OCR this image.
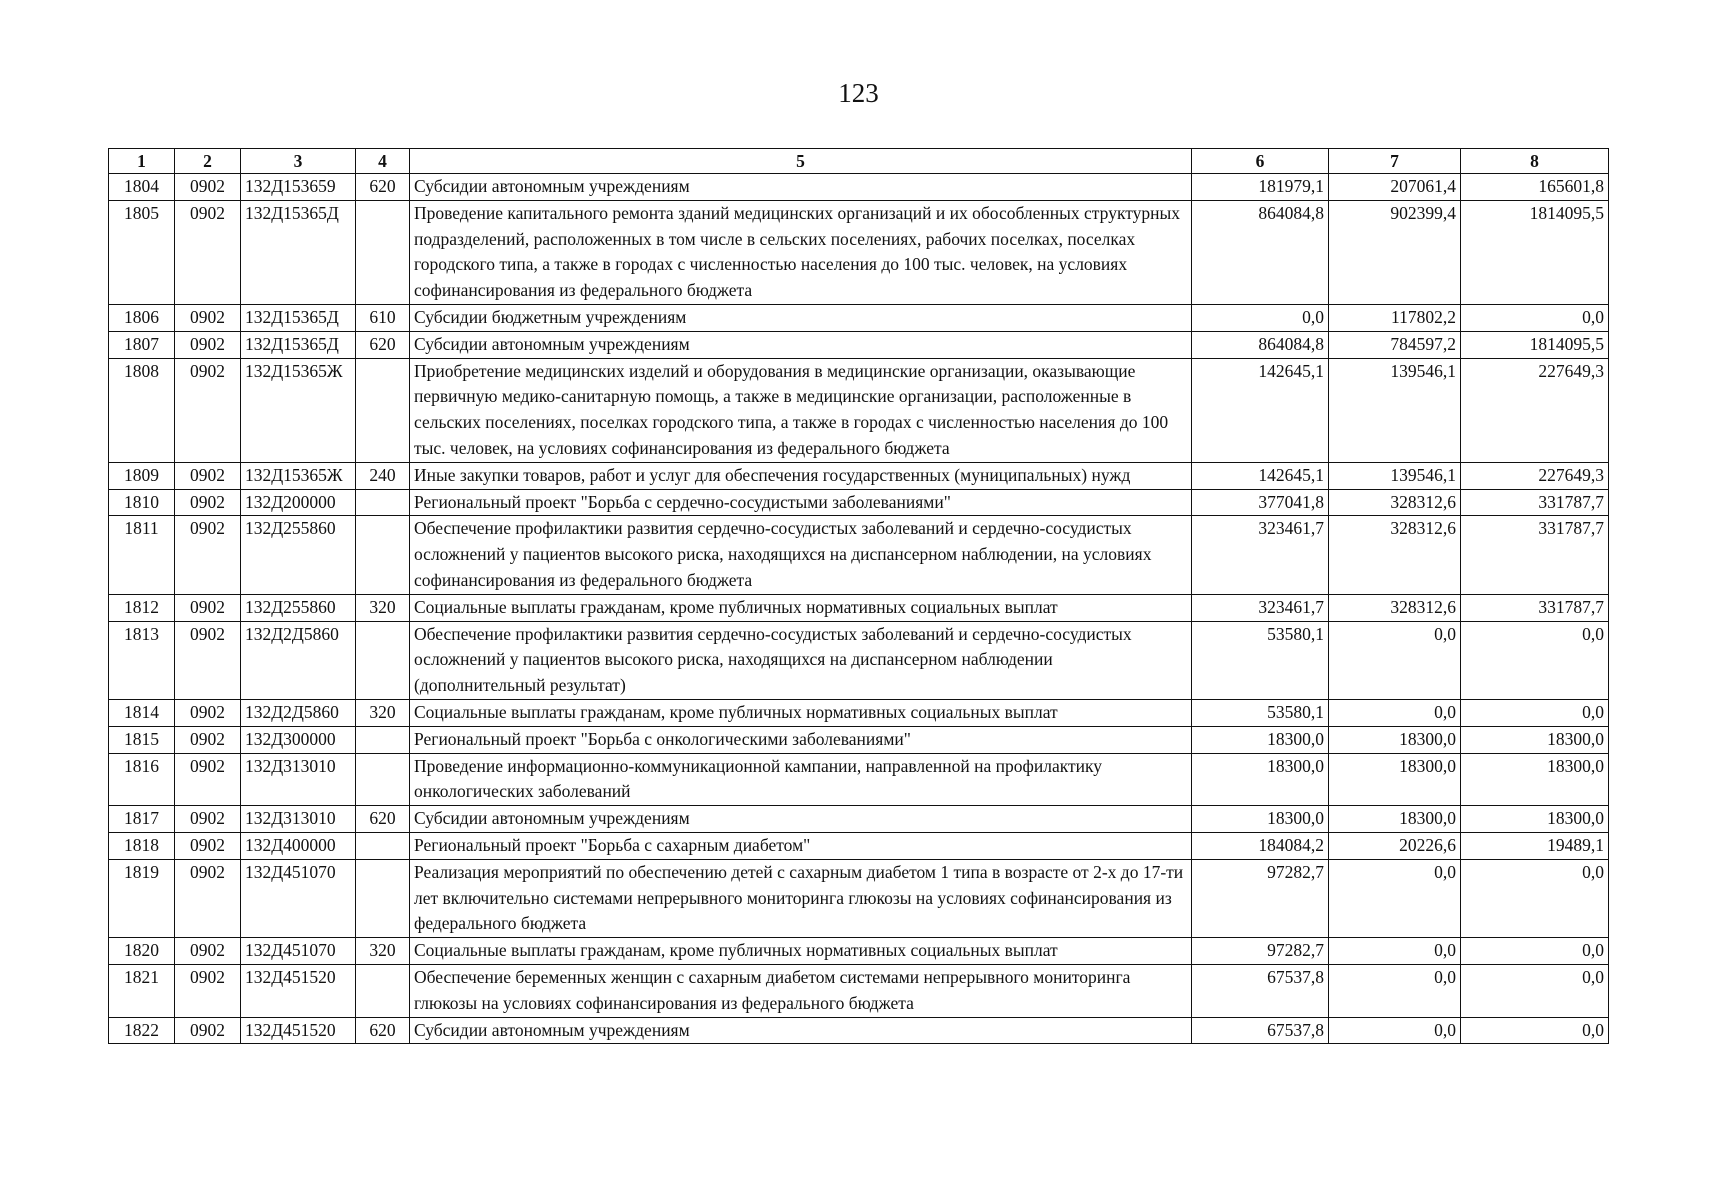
123
1	2	3	4	5	6	7	8
1804	0902	132Д153659	620	Субсидии автономным учреждениям	181979,1	207061,4	165601,8
1805	0902	132Д15365Д		Проведение капитального ремонта зданий медицинских организаций и их обособленных структурных подразделений, расположенных в том числе в сельских поселениях, рабочих поселках, поселках городского типа, а также в городах с численностью населения до 100 тыс. человек, на условиях софинансирования из федерального бюджета	864084,8	902399,4	1814095,5
1806	0902	132Д15365Д	610	Субсидии бюджетным учреждениям	0,0	117802,2	0,0
1807	0902	132Д15365Д	620	Субсидии автономным учреждениям	864084,8	784597,2	1814095,5
1808	0902	132Д15365Ж		Приобретение медицинских изделий и оборудования в медицинские организации, оказывающие первичную медико-санитарную помощь, а также в медицинские организации, расположенные в сельских поселениях, поселках городского типа, а также в городах с численностью населения до 100 тыс. человек, на условиях софинансирования из федерального бюджета	142645,1	139546,1	227649,3
1809	0902	132Д15365Ж	240	Иные закупки товаров, работ и услуг для обеспечения государственных (муниципальных) нужд	142645,1	139546,1	227649,3
1810	0902	132Д200000		Региональный проект "Борьба с сердечно-сосудистыми заболеваниями"	377041,8	328312,6	331787,7
1811	0902	132Д255860		Обеспечение профилактики развития сердечно-сосудистых заболеваний и сердечно-сосудистых осложнений у пациентов высокого риска, находящихся на диспансерном наблюдении, на условиях софинансирования из федерального бюджета	323461,7	328312,6	331787,7
1812	0902	132Д255860	320	Социальные выплаты гражданам, кроме публичных нормативных социальных выплат	323461,7	328312,6	331787,7
1813	0902	132Д2Д5860		Обеспечение профилактики развития сердечно-сосудистых заболеваний и сердечно-сосудистых осложнений у пациентов высокого риска, находящихся на диспансерном наблюдении (дополнительный результат)	53580,1	0,0	0,0
1814	0902	132Д2Д5860	320	Социальные выплаты гражданам, кроме публичных нормативных социальных выплат	53580,1	0,0	0,0
1815	0902	132Д300000		Региональный проект "Борьба с онкологическими заболеваниями"	18300,0	18300,0	18300,0
1816	0902	132Д313010		Проведение информационно-коммуникационной кампании, направленной на профилактику онкологических заболеваний	18300,0	18300,0	18300,0
1817	0902	132Д313010	620	Субсидии автономным учреждениям	18300,0	18300,0	18300,0
1818	0902	132Д400000		Региональный проект "Борьба с сахарным диабетом"	184084,2	20226,6	19489,1
1819	0902	132Д451070		Реализация мероприятий по обеспечению детей с сахарным диабетом 1 типа в возрасте от 2-х до 17-ти лет включительно системами непрерывного мониторинга глюкозы на условиях софинансирования из федерального бюджета	97282,7	0,0	0,0
1820	0902	132Д451070	320	Социальные выплаты гражданам, кроме публичных нормативных социальных выплат	97282,7	0,0	0,0
1821	0902	132Д451520		Обеспечение беременных женщин с сахарным диабетом системами непрерывного мониторинга глюкозы на условиях софинансирования из федерального бюджета	67537,8	0,0	0,0
1822	0902	132Д451520	620	Субсидии автономным учреждениям	67537,8	0,0	0,0
